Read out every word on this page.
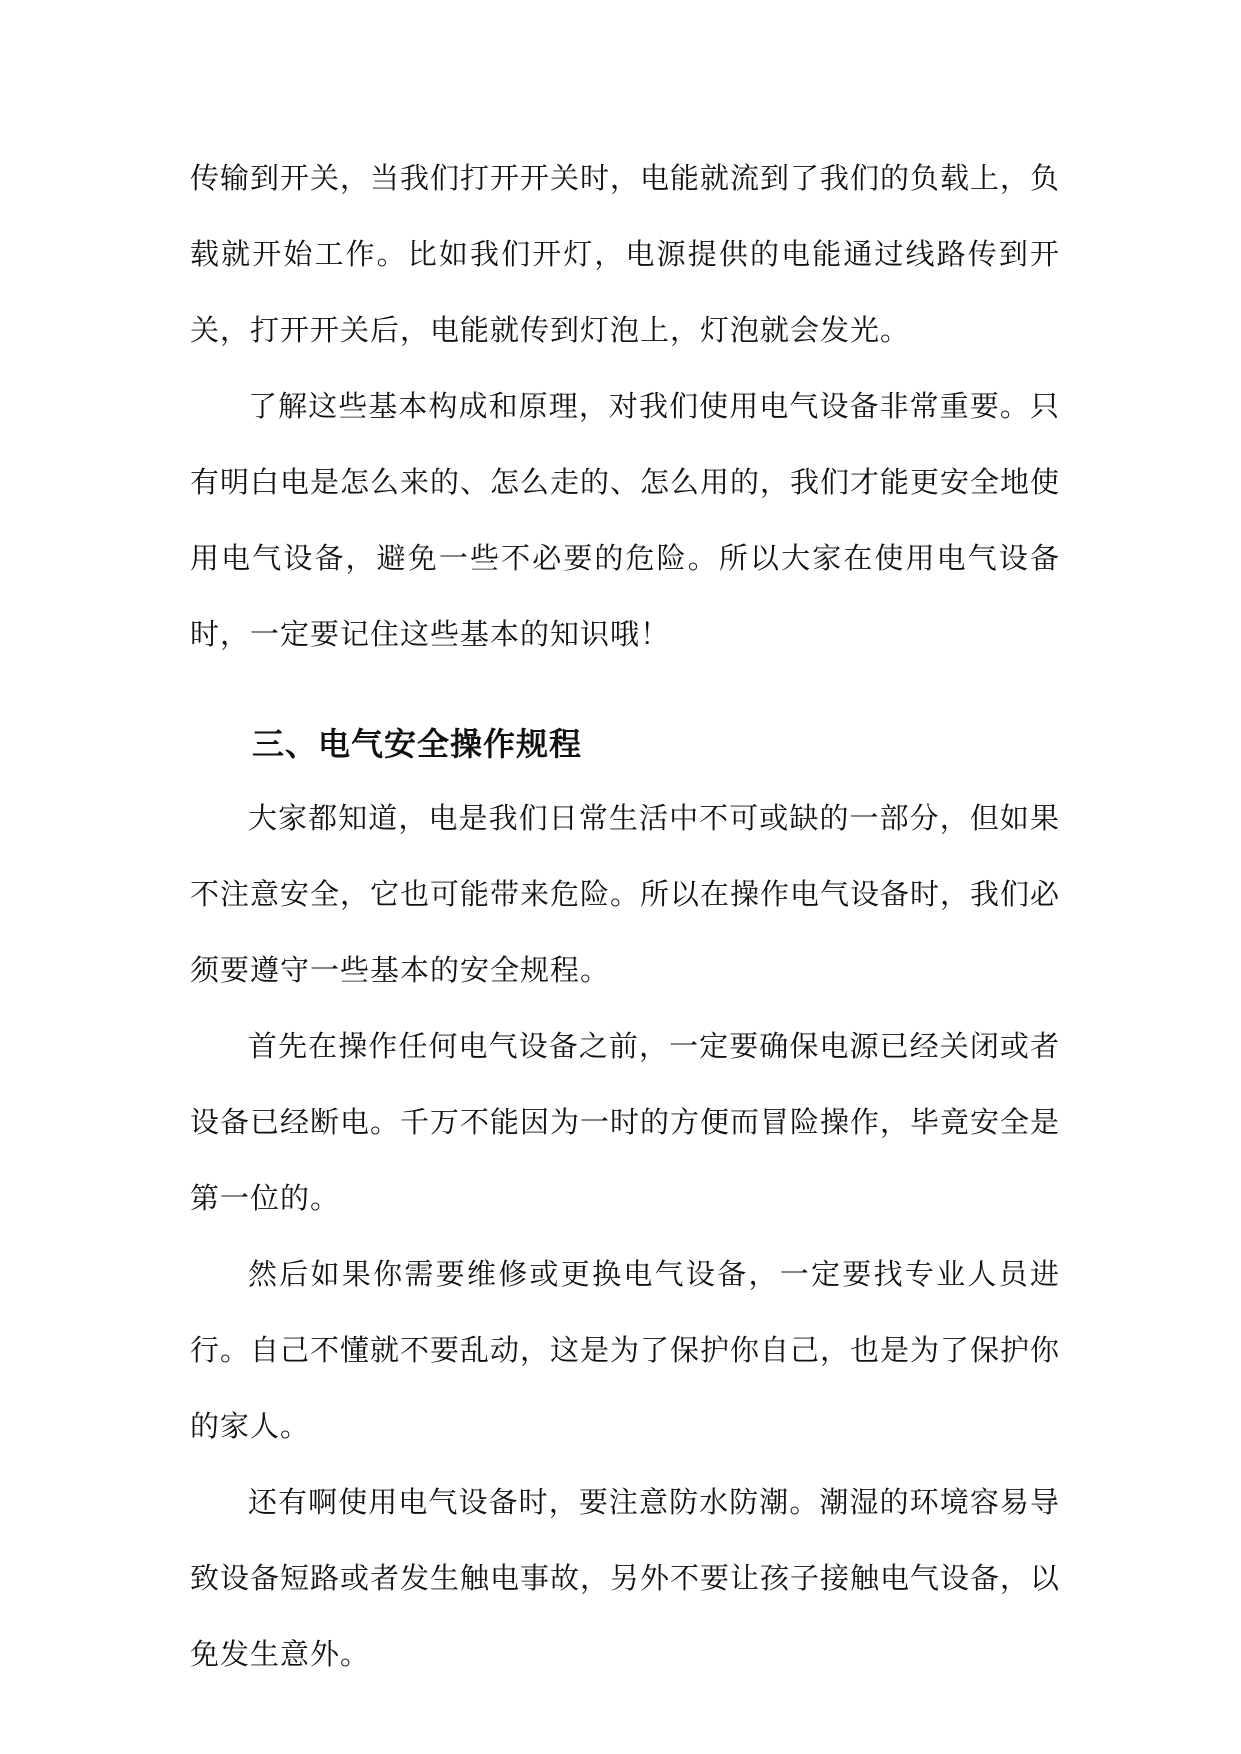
传输到开关，当我们打开开关时，电能就流到了我们的负载上，负载就开始工作。比如我们开灯，电源提供的电能通过线路传到开关，打开开关后，电能就传到灯泡上，灯泡就会发光。

了解这些基本构成和原理，对我们使用电气设备非常重要。只有明白电是怎么来的、怎么走的、怎么用的，我们才能更安全地使用电气设备，避免一些不必要的危险。所以大家在使用电气设备时，一定要记住这些基本的知识哦！

三、电气安全操作规程

大家都知道，电是我们日常生活中不可或缺的一部分，但如果不注意安全，它也可能带来危险。所以在操作电气设备时，我们必须要遵守一些基本的安全规程。

首先在操作任何电气设备之前，一定要确保电源已经关闭或者设备已经断电。千万不能因为一时的方便而冒险操作，毕竟安全是第一位的。

然后如果你需要维修或更换电气设备，一定要找专业人员进行。自己不懂就不要乱动，这是为了保护你自己，也是为了保护你的家人。

还有啊使用电气设备时，要注意防水防潮。潮湿的环境容易导致设备短路或者发生触电事故，另外不要让孩子接触电气设备，以免发生意外。
